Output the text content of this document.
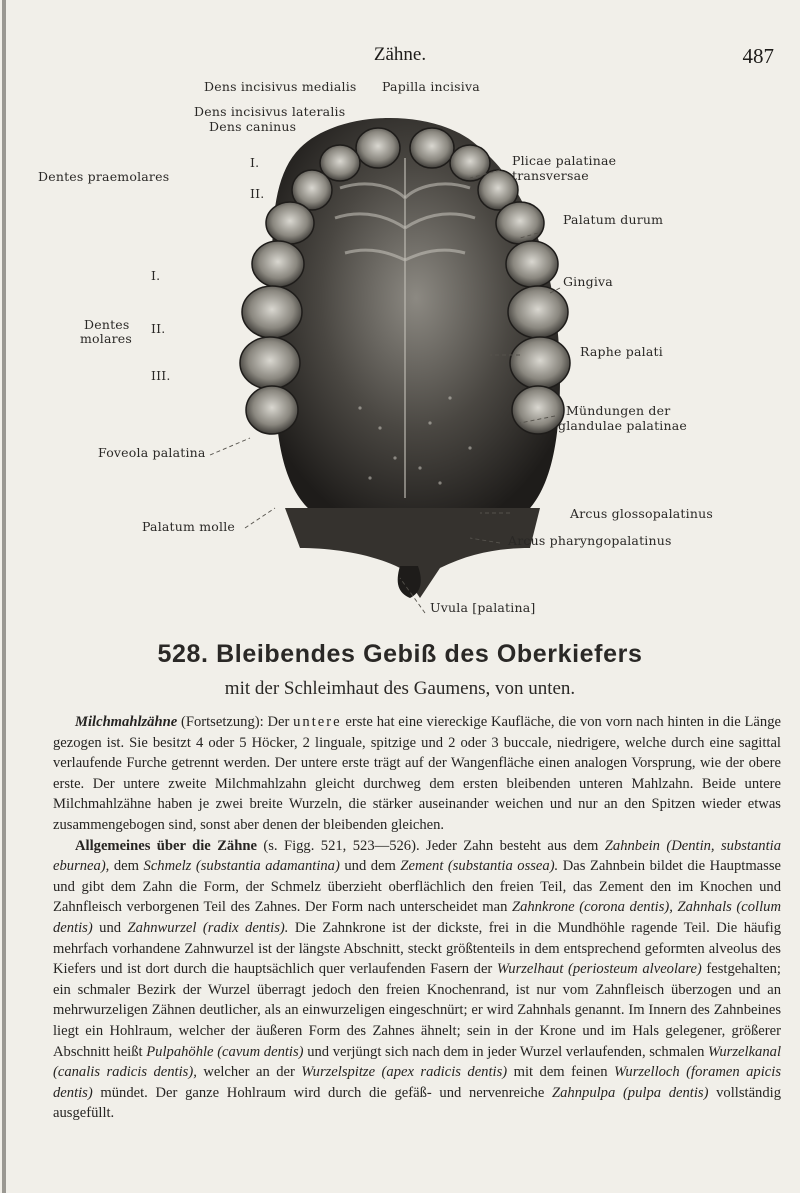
Zähne.	487
Dens incisivus medialis Papilla incisiva
Dens incisivus lateralis
Dens caninus
Plicae palatinae
transversae
Dentes praemolares
I.
II.
Palatum durum
Gingiva
Dentes
molares
I.
II.
III.
Raphe palati
Mündungen der
glandulae palatinae
Foveola palatina
Arcus glossopalatinus
Palatum molle
Arcus pharyngopalatinus
Uvula [palatina]
528. Bleibendes Gebiß des Oberkiefers
mit der Schleimhaut des Gaumens, von unten.

Milchmahlzähne (Fortsetzung): Der untere erste hat eine viereckige Kaufläche, die von vorn nach hinten in die Länge gezogen ist. Sie besitzt 4 oder 5 Höcker, 2 linguale, spitzige und 2 oder 3 buccale, niedrigere, welche durch eine sagittal verlaufende Furche getrennt werden. Der untere erste trägt auf der Wangenfläche einen analogen Vorsprung, wie der obere erste. Der untere zweite Milchmahlzahn gleicht durchweg dem ersten bleibenden unteren Mahlzahn. Beide untere Milchmahlzähne haben je zwei breite Wurzeln, die stärker auseinander weichen und nur an den Spitzen wieder etwas zusammengebogen sind, sonst aber denen der bleibenden gleichen.

Allgemeines über die Zähne (s. Figg. 521, 523—526). Jeder Zahn besteht aus dem Zahnbein (Dentin, substantia eburnea), dem Schmelz (substantia adamantina) und dem Zement (substantia ossea). Das Zahnbein bildet die Hauptmasse und gibt dem Zahn die Form, der Schmelz überzieht oberflächlich den freien Teil, das Zement den im Knochen und Zahnfleisch verborgenen Teil des Zahnes. Der Form nach unterscheidet man Zahnkrone (corona dentis), Zahnhals (collum dentis) und Zahnwurzel (radix dentis). Die Zahnkrone ist der dickste, frei in die Mundhöhle ragende Teil. Die häufig mehrfach vorhandene Zahnwurzel ist der längste Abschnitt, steckt größtenteils in dem entsprechend geformten alveolus des Kiefers und ist dort durch die hauptsächlich quer verlaufenden Fasern der Wurzelhaut (periosteum alveolare) festgehalten; ein schmaler Bezirk der Wurzel überragt jedoch den freien Knochenrand, ist nur vom Zahnfleisch überzogen und an mehrwurzeligen Zähnen deutlicher, als an einwurzeligen eingeschnürt; er wird Zahnhals genannt. Im Innern des Zahnbeines liegt ein Hohlraum, welcher der äußeren Form des Zahnes ähnelt; sein in der Krone und im Hals gelegener, größerer Abschnitt heißt Pulpahöhle (cavum dentis) und verjüngt sich nach dem in jeder Wurzel verlaufenden, schmalen Wurzelkanal (canalis radicis dentis), welcher an der Wurzelspitze (apex radicis dentis) mit dem feinen Wurzelloch (foramen apicis dentis) mündet. Der ganze Hohlraum wird durch die gefäß- und nervenreiche Zahnpulpa (pulpa dentis) vollständig ausgefüllt.
